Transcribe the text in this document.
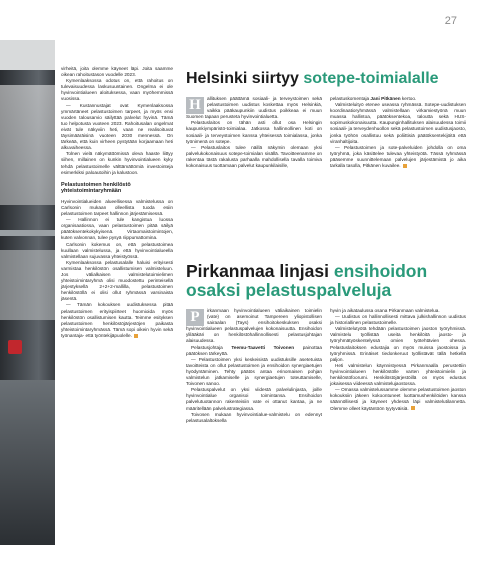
27

virheitä, joita olemme käyneet läpi. Joita saamme oikean rahoitustason vuodelle 2023.

Kymenlaaksossa odotus on, että rahoitus on tulevaisuudessa laskusuuntainen. Ongelma ei ole hyvinvointialueen aloituksessa, vaan myöhemmissä vuosissa.

— Kustannustajat ovat Kymenlaaksossa ymmärtäneet pelastustoimen tarpeet, ja myös ensi vuoden talousarvio säilyttää palvelut hyvinä. Tämä tuo helpotusta vuoteen 2023. Rahoitusalan ongelmat eivät tule näkyviin heti, vaan ne realisoituvat täysimääräisinä vuoteen 2030 mennessä. On tärkeää, että kuin virheen pystytään korjaamaan heti alkuvaiheessa.

Tolnen vielä näkymättömissä oleva haaste liittyy siihen, millainen on kunkin hyvinvointialueen kyky tehdä pelastustoimelle välttämättömiä investointeja esimerkiksi paloautoihin ja kalustoon.

Pelastustoimen henkilöstö yhteistoimintaryhmään

Hyvinvointialueiden alueellisessa valmistelussa on Carlsonin mukaan olleellista tuoda esiin pelastustoimen tarpeet hallinnon järjestämisessä.

— Hallinnon ei tule kangistua luossa organisaatiossa, vaan pelastustoimen pitää säilyä päätöksentekokykyisenä. Virtaomaistoimintojen, kuten valvonnan, tulee pysyä riippumattomina.

Carlsonin kokemus on, että pelastustoimea kuullaan valmistelussa, ja että hyvinvointialueella valmistellaan sujuvassa yhteistyössä.

Kymenlaaksossa pelastusalalle haluisi erityisesti varmistaa henkilöstön osallistumisen valmisteluun. Jos välialkaisen valmistelutoimielimen yhteistoimintaryhmä olisi muodostettu perinteisellä järjestyksellä 2+2+2-mallilla, pelastustoimen henkilöstöllä ei olisi ollut ryhmässä varsinaista jäsentä.

— Tämän kokouksen uudistuksessa pitää pelastustoimen erityispiirteet huomioida myös henkilöstön osallistumisen kautta. Teimme esityksen pelastustoimen henkilöstöjärjestöjen paikasta yhteistoimintaryhmässä. Tämä sopi oikein hyvin sekä työnantaja- että työntekijäpuolelle.

Helsinki siirtyy sotepe-toimialalle

H	allituksen päättämä sosiaali- ja terveystoimen sekä pelastustoimen uudistus koskettaa myös Helsinkiä, vaikka pääkaupunkiin uudistus poikkeaa ei muun Suomen tapaan perusteta hyvinvointialuetta.

Pelastuslaitos on tähän asti ollut osa Helsingin kaupunkiympäristö-toimialaa. Jatkossa hallinnollinen koti on sosiaali- ja terveystoimen kanssa yhteisessä toimialassa, jonka työnimenä on sotepe.

— Pelastuslaitos tulee näillä näkymin olemaan yksi palvelukokonaisuus sotepe-toimialan sisällä. Tavoitteenamme on rakentaa tästä rakalusta parhaalla mahdollisella tavalla toimiva kokonaisuus tuottamaan palvelut kaupunkilaisille,

pelastuskomentaja Jani Pitkänen kertoo.

Valmisteluityö etenee useassa ryhmässä. Sotepe-uudistuksen koordinaatioryhmässä valmistellaan virkamiestyönä muun muassa hallintoa, päätöksentekoa, taloutta sekä HUS-sopimuskokonaisuutta. Kaupunginhallituksen alaisuudessa toimii sosiaali- ja terveydenhuollon sekä pelastustoimen uudistusjaosto, jonka työhön osallistuu sekä poliittisiä päätöksentekijöitä että viranhaltijoita.

— Pelastustoimen ja sote-palveluiden johdolla on oma työryhmä, joka käsittelee tulevaa yhteistyötä. Tässä ryhmässä pääsemme suunnittelemaan palvelujen järjestämistä jo aika tarkalla tasolla, Pitkänen kuvailee.

Pirkanmaa linjasi ensihoidon
osaksi pelastuspalveluja

P	irkanmaan hyvinvointialueen väliaikainen toimielin (vate) on asemoinut Tampereen yliopistollisen sairaalan (Tays) ensihoitokeskuksen osaksi hyvinvointialueen pelastuspalvelujen kokonaisuutta. Ensihoidon ylilääkäri on henkilöstöhallinnollisesti pelastusjohtajan alaisuudessa.

Pelastusjohtaja Teemu-Taavetti Toivonen painottaa päätöksen tärkeyttä.

— Pelastustoimen yksi keskeisistä uudistuksille asetetuista tavoitteista on ollut pelastustoimen ja ensihoidon synergiaetujen hyödyntäminen. Tehty päätös antaa erinomaisen pohjan valmistelun jatkamiselle ja synergiaetujen toteuttamiselle, Toivonen sanoo.

Pelastuspalvelut on yksi viidestä palvelulinjasta, joille hyvinvointialue organisoi toimintansa. Ensihoidon palvelutuotannon rakenteisiin vate ei ottanut kantaa, ja ne määritellään palvelustrategiassa.

Toivosen mukaan hyvinvointialue-valmistelu on edennyt pelastusalaltoksella

hyvin ja aikataulussa osana Pirkanmaan valmistelua.

— Uudistus on hallinnollisesti mittava julkishallinnon uudistus ja historiallinen pelastustoimelle.

Valmistelutyötä tehdään pelastustoimen jaoston työryhmissä. Valmistelu työllistää useita henkilöitä jaosto- ja työryhmätyöskentelyssä omien työtehtävien ohessa. Pelastuslaitoksen edustajia on myös muissa jaostoissa ja työryhmissä. Erinäiset tiedonkeruut työllistävät tällä hetkellä paljon.

Heti valmistelun käynnistyessä Pirkanmaalla perustettiin hyvinvointialueen henkilöstölle varten yhteistoimielin ja henkilöstöfoorumi. Henkilöstöjärjestöillä on myös edustus jokaisessa viideessä valmistelujaostossa.

— Omassa valmistelussamme olemme pelastustoimen jaoston kokouksiin jäkeen kokoontuneet luottamushenkilöiden kanssa säännöllisesti ja käyneet yhdessä läpi valmistelutilannetta. Olemme olleet käytäntöön tyytyväisiä.
